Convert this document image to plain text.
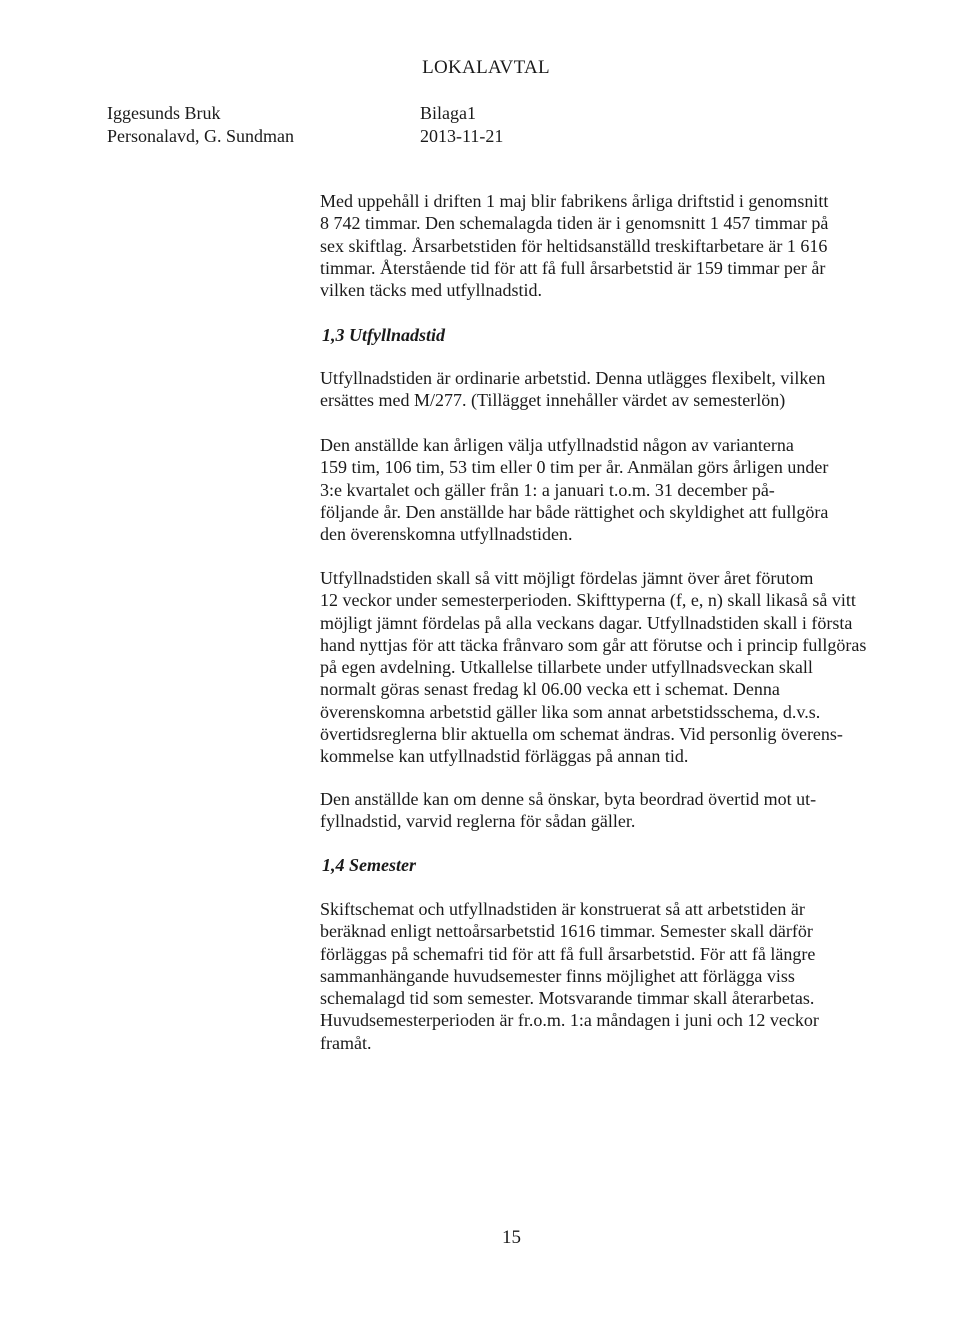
LOKALAVTAL
Iggesunds Bruk
Personalavd, G. Sundman
Bilaga1
2013-11-21
Med uppehåll i driften 1 maj blir fabrikens årliga driftstid i genomsnitt
8 742 timmar. Den schemalagda tiden är i genomsnitt 1 457 timmar på
sex skiftlag. Årsarbetstiden för heltidsanställd treskiftarbetare är 1 616
timmar. Återstående tid för att få full årsarbetstid är 159 timmar per år
vilken täcks med utfyllnadstid.
1,3 Utfyllnadstid
Utfyllnadstiden är ordinarie arbetstid. Denna utlägges flexibelt, vilken
ersättes med M/277. (Tillägget innehåller värdet av semesterlön)
Den anställde kan årligen välja utfyllnadstid någon av varianterna
159 tim, 106 tim, 53 tim eller 0 tim per år. Anmälan görs årligen under
3:e kvartalet och gäller från 1: a januari t.o.m. 31 december på-
följande år. Den anställde har både rättighet och skyldighet att fullgöra
den överenskomna utfyllnadstiden.
Utfyllnadstiden skall så vitt möjligt fördelas jämnt över året förutom
12 veckor under semesterperioden. Skifttyperna (f, e, n) skall likaså så vitt
möjligt jämnt fördelas på alla veckans dagar. Utfyllnadstiden skall i första
hand nyttjas för att täcka frånvaro som går att förutse och i princip fullgöras
på egen avdelning. Utkallelse tillarbete under utfyllnadsveckan skall
normalt göras senast fredag kl 06.00 vecka ett i schemat. Denna
överenskomna arbetstid gäller lika som annat arbetstidsschema, d.v.s.
övertidsreglerna blir aktuella om schemat ändras. Vid personlig överens-
kommelse kan utfyllnadstid förläggas på annan tid.
Den anställde kan om denne så önskar, byta beordrad övertid mot ut-
fyllnadstid, varvid reglerna för sådan gäller.
1,4 Semester
Skiftschemat och utfyllnadstiden är konstruerat så att arbetstiden är
beräknad enligt nettoårsarbetstid 1616 timmar. Semester skall därför
förläggas på schemafri tid för att få full årsarbetstid. För att få längre
sammanhängande huvudsemester finns möjlighet att förlägga viss
schemalagd tid som semester. Motsvarande timmar skall återarbetas.
Huvudsemesterperioden är fr.o.m. 1:a måndagen i juni och 12 veckor
framåt.
15
